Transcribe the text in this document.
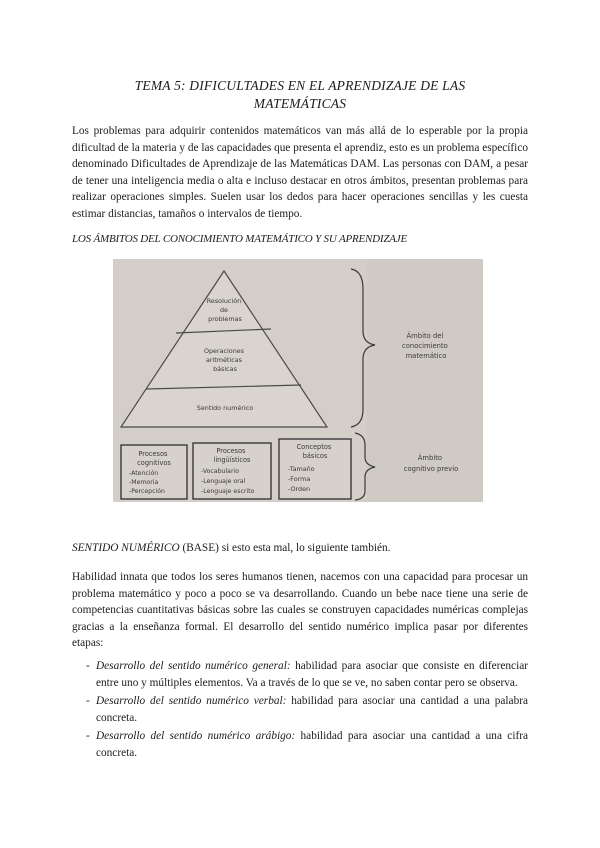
TEMA 5: DIFICULTADES EN EL APRENDIZAJE DE LAS
MATEMÁTICAS

Los problemas para adquirir contenidos matemáticos van más allá de lo esperable por la propia dificultad de la materia y de las capacidades que presenta el aprendiz, esto es un problema específico denominado Dificultades de Aprendizaje de las Matemáticas DAM. Las personas con DAM, a pesar de tener una inteligencia media o alta e incluso destacar en otros ámbitos, presentan problemas para realizar operaciones simples. Suelen usar los dedos para hacer operaciones sencillas y les cuesta estimar distancias, tamaños o intervalos de tiempo.

LOS ÁMBITOS DEL CONOCIMIENTO MATEMÁTICO Y SU APRENDIZAJE
Resolución de problemas
Operaciones aritméticas básicas
Sentido numérico
Procesos cognitivos
-Atención -Memoria -Percepción
Procesos lingüísticos
-Vocabulario -Lenguaje oral -Lenguaje escrito
Conceptos básicos
-Tamaño -Forma -Orden
Ámbito del conocimiento matemático
Ámbito cognitivo previo
SENTIDO NUMÉRICO (BASE) si esto esta mal, lo siguiente también.

Habilidad innata que todos los seres humanos tienen, nacemos con una capacidad para procesar un problema matemático y poco a poco se va desarrollando. Cuando un bebe nace tiene una serie de competencias cuantitativas básicas sobre las cuales se construyen capacidades numéricas complejas gracias a la enseñanza formal. El desarrollo del sentido numérico implica pasar por diferentes etapas:

- Desarrollo del sentido numérico general: habilidad para asociar que consiste en diferenciar entre uno y múltiples elementos. Va a través de lo que se ve, no saben contar pero se observa.
- Desarrollo del sentido numérico verbal: habilidad para asociar una cantidad a una palabra concreta.
- Desarrollo del sentido numérico arábigo: habilidad para asociar una cantidad a una cifra concreta.
